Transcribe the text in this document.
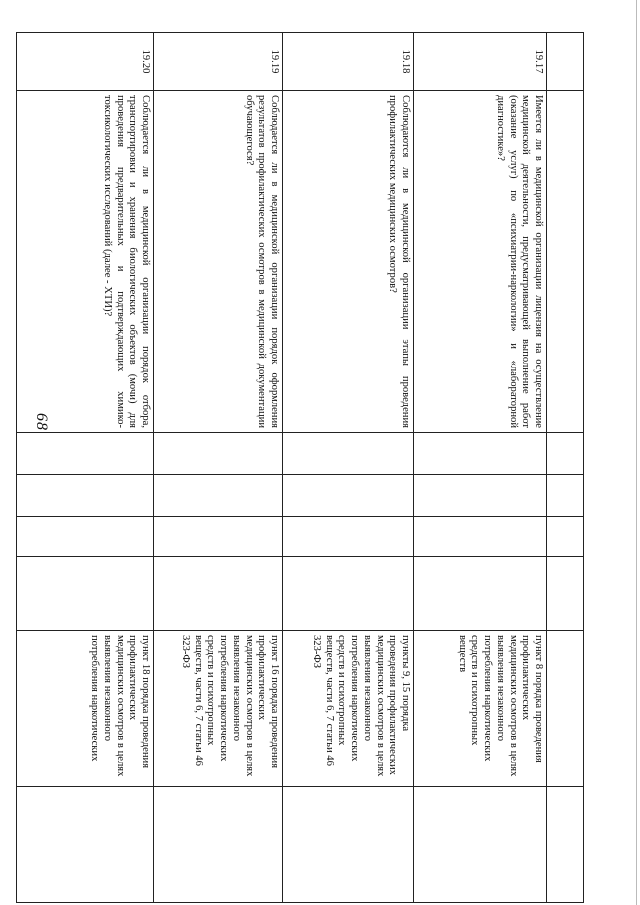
68

19.17	Имеется ли в медицинской организации лицензия на осуществление медицинской деятельности, предусматривающей выполнение работ (оказание услуг) по «психиатрии-наркологии» и «лабораторной диагностике»?					пункт 8 порядка проведения профилактических медицинских осмотров в целях выявления незаконного потребления наркотических средств и психотропных веществ	
19.18	Соблюдаются ли в медицинской организации этапы проведения профилактических медицинских осмотров?					пункты 9, 15 порядка проведения профилактических медицинских осмотров в целях выявления незаконного потребления наркотических средств и психотропных веществ, части 6, 7 статьи 46 323-ФЗ	
19.19	Соблюдается ли в медицинской организации порядок оформления результатов профилактических осмотров в медицинской документации обучающегося?					пункт 16 порядка проведения профилактических медицинских осмотров в целях выявления незаконного потребления наркотических средств и психотропных веществ, части 6, 7 статьи 46 323-ФЗ	
19.20	Соблюдается ли в медицинской организации порядок отбора, транспортировки и хранения биологических объектов (мочи) для проведения предварительных и подтверждающих химико-токсикологических исследований (далее - ХТИ)?					пункт 18 порядка проведения профилактических медицинских осмотров в целях выявления незаконного потребления наркотических	
